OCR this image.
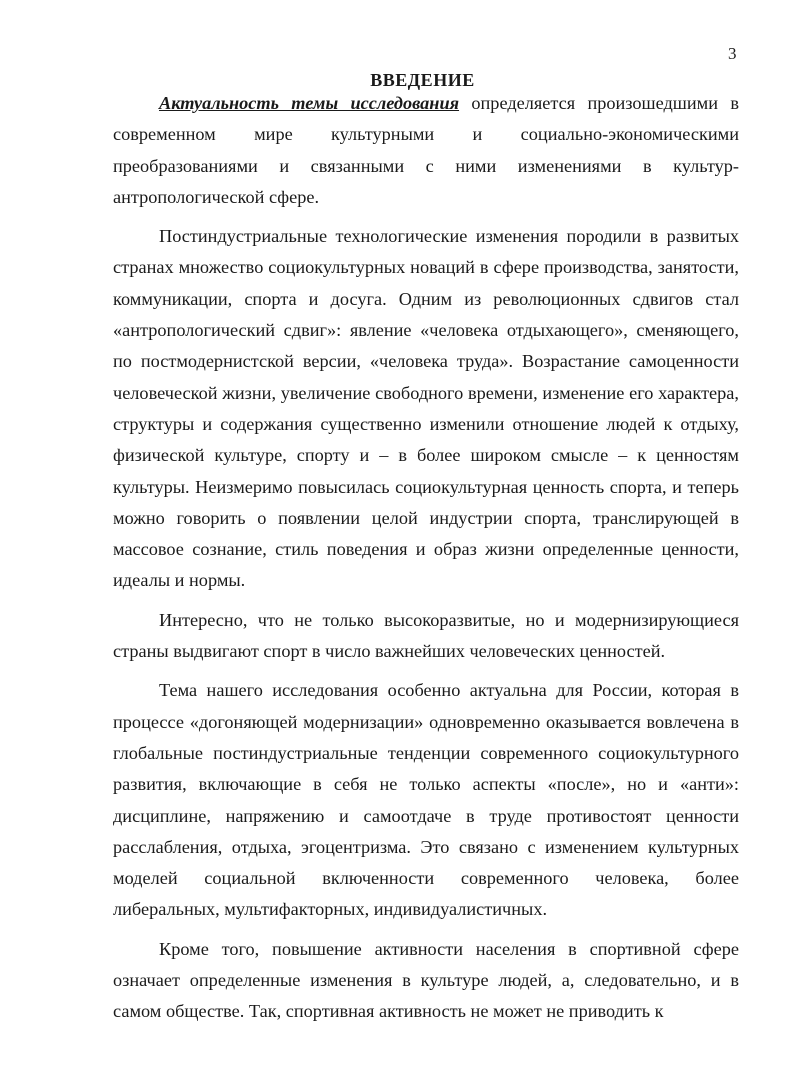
3
ВВЕДЕНИЕ

Актуальность темы исследования определяется произошедшими в современном мире культурными и социально-экономическими преобразованиями и связанными с ними изменениями в культур-антропологической сфере.

Постиндустриальные технологические изменения породили в развитых странах множество социокультурных новаций в сфере производства, занятости, коммуникации, спорта и досуга. Одним из революционных сдвигов стал «антропологический сдвиг»: явление «человека отдыхающего», сменяющего, по постмодернистской версии, «человека труда». Возрастание самоценности человеческой жизни, увеличение свободного времени, изменение его характера, структуры и содержания существенно изменили отношение людей к отдыху, физической культуре, спорту и – в более широком смысле – к ценностям культуры. Неизмеримо повысилась социокультурная ценность спорта, и теперь можно говорить о появлении целой индустрии спорта, транслирующей в массовое сознание, стиль поведения и образ жизни определенные ценности, идеалы и нормы.

Интересно, что не только высокоразвитые, но и модернизирующиеся страны выдвигают спорт в число важнейших человеческих ценностей.

Тема нашего исследования особенно актуальна для России, которая в процессе «догоняющей модернизации» одновременно оказывается вовлечена в глобальные постиндустриальные тенденции современного социокультурного развития, включающие в себя не только аспекты «после», но и «анти»: дисциплине, напряжению и самоотдаче в труде противостоят ценности расслабления, отдыха, эгоцентризма. Это связано с изменением культурных моделей социальной включенности современного человека, более либеральных, мультифакторных, индивидуалистичных.

Кроме того, повышение активности населения в спортивной сфере означает определенные изменения в культуре людей, а, следовательно, и в самом обществе. Так, спортивная активность не может не приводить к
